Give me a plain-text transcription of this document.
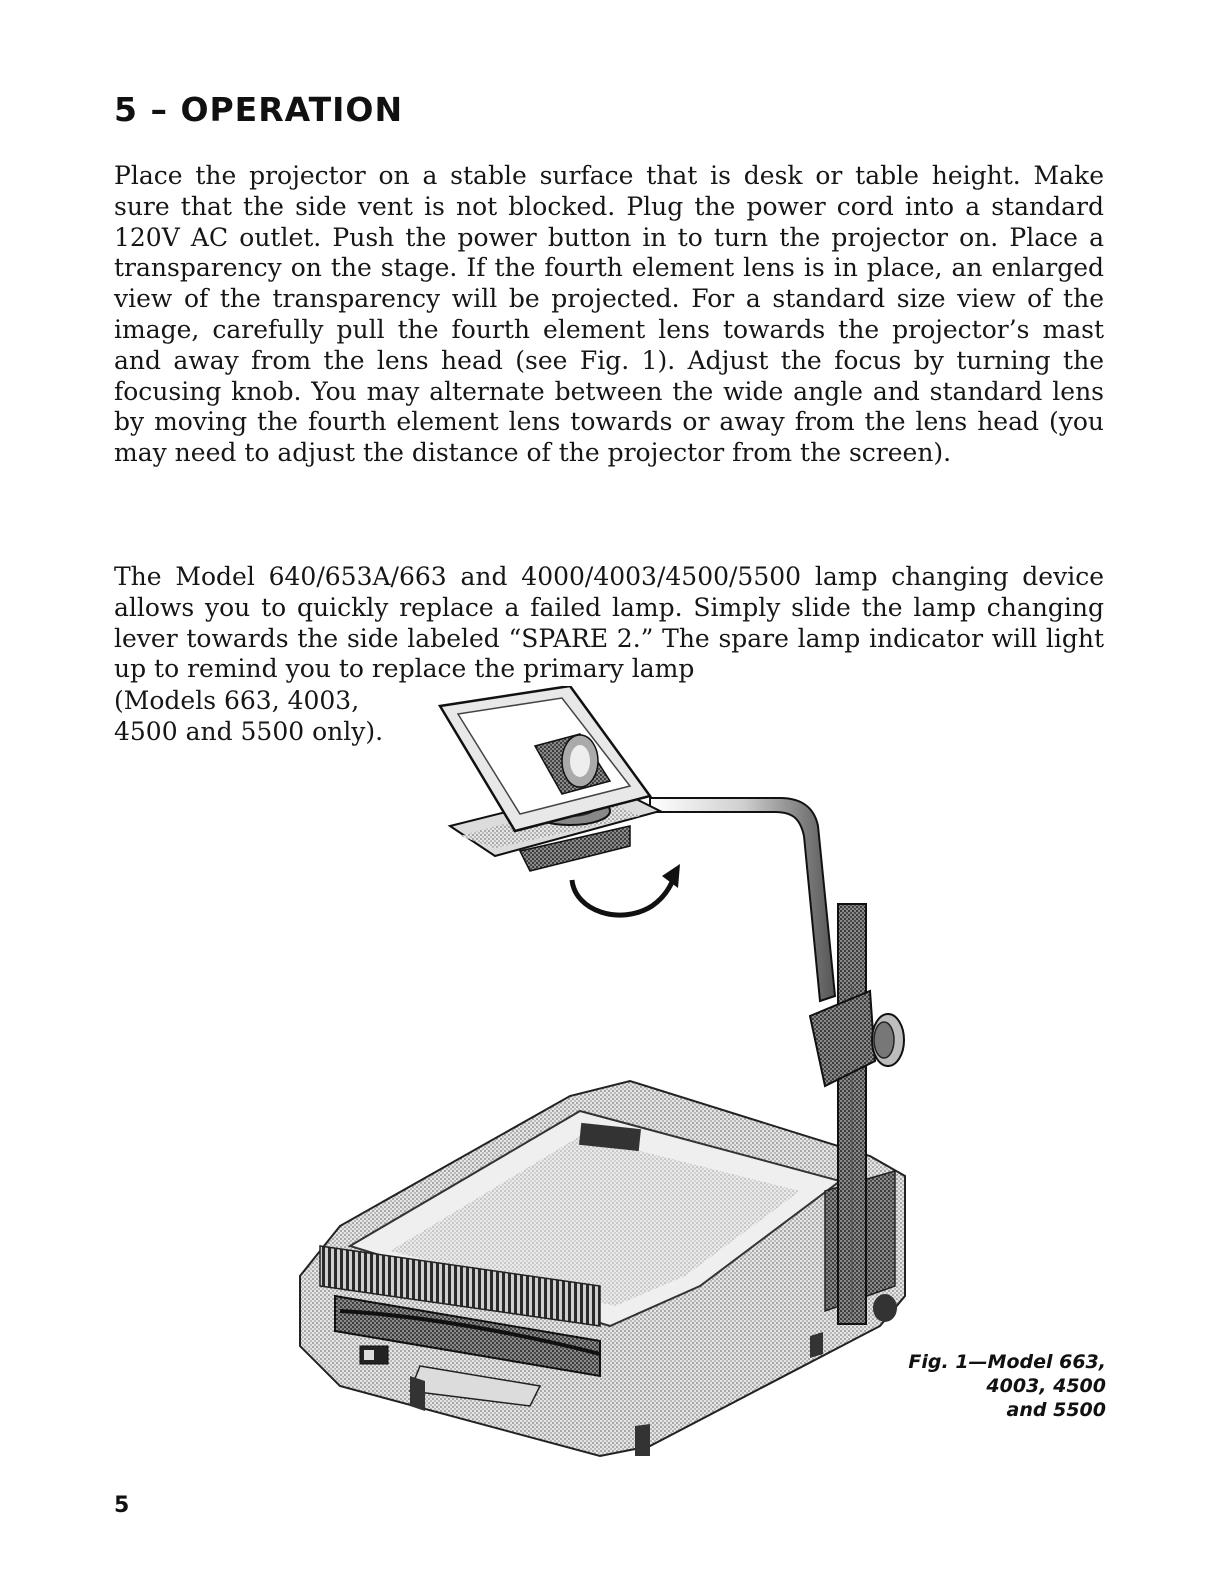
5 – OPERATION

Place the projector on a stable surface that is desk or table height. Make sure that the side vent is not blocked. Plug the power cord into a standard 120V AC outlet. Push the power button in to turn the projector on. Place a transparency on the stage. If the fourth element lens is in place, an enlarged view of the transparency will be projected. For a standard size view of the image, carefully pull the fourth element lens towards the projector’s mast and away from the lens head (see Fig. 1). Adjust the focus by turning the focusing knob. You may alternate between the wide angle and standard lens by moving the fourth element lens towards or away from the lens head (you may need to adjust the distance of the projector from the screen).

The Model 640/653A/663 and 4000/4003/4500/5500 lamp changing device allows you to quickly replace a failed lamp. Simply slide the lamp changing lever towards the side labeled “SPARE 2.” The spare lamp indicator will light up to remind you to replace the primary lamp

(Models 663, 4003,
4500 and 5500 only).

Fig. 1—Model 663,
4003, 4500
and 5500

5
